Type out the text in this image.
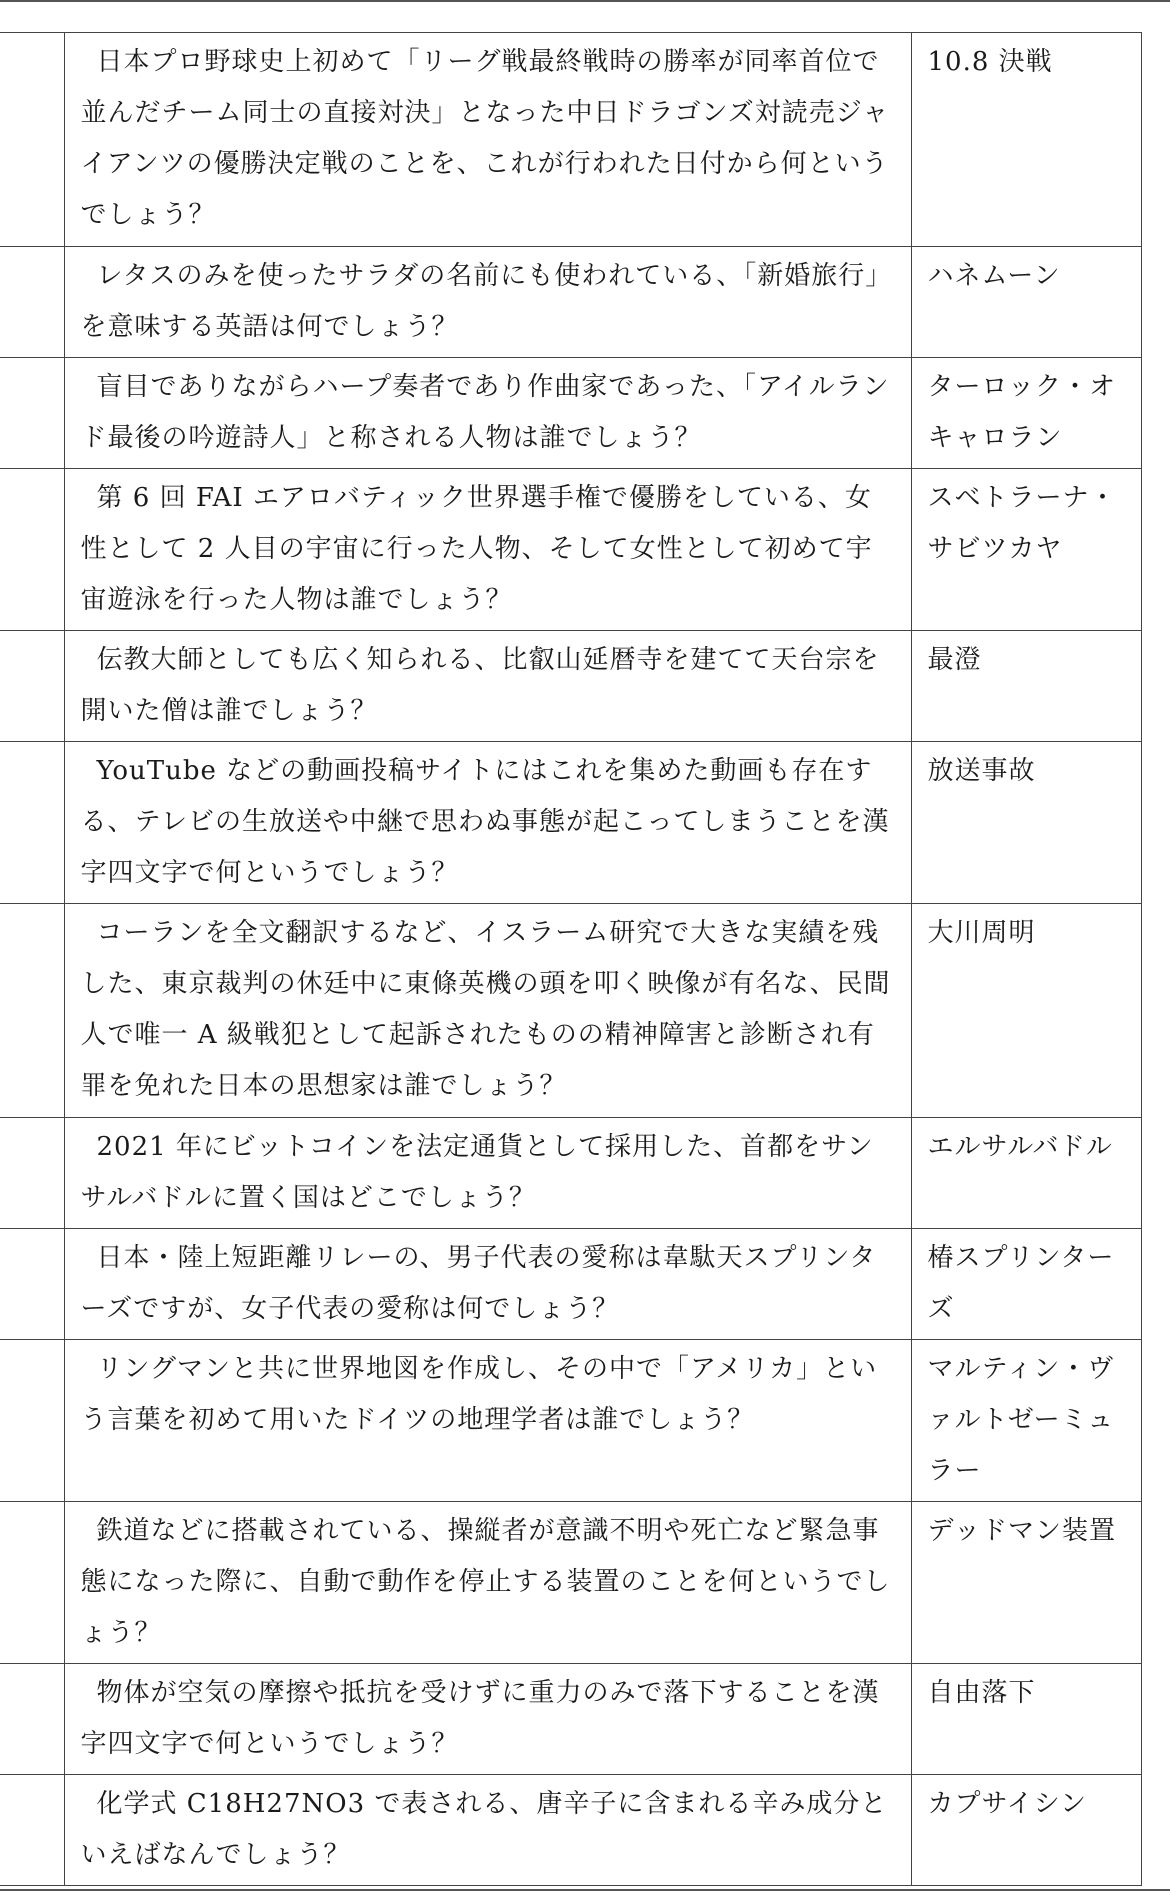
	日本プロ野球史上初めて「リーグ戦最終戦時の勝率が同率首位で並んだチーム同士の直接対決」となった中日ドラゴンズ対読売ジャイアンツの優勝決定戦のことを、これが行われた日付から何というでしょう？	10.8 決戦
	レタスのみを使ったサラダの名前にも使われている、「新婚旅行」を意味する英語は何でしょう？	ハネムーン
	盲目でありながらハープ奏者であり作曲家であった、「アイルランド最後の吟遊詩人」と称される人物は誰でしょう？	ターロック・オキャロラン
	第 6 回 FAI エアロバティック世界選手権で優勝をしている、女性として 2 人目の宇宙に行った人物、そして女性として初めて宇宙遊泳を行った人物は誰でしょう？	スベトラーナ・サビツカヤ
	伝教大師としても広く知られる、比叡山延暦寺を建てて天台宗を開いた僧は誰でしょう？	最澄
	YouTube などの動画投稿サイトにはこれを集めた動画も存在する、テレビの生放送や中継で思わぬ事態が起こってしまうことを漢字四文字で何というでしょう？	放送事故
	コーランを全文翻訳するなど、イスラーム研究で大きな実績を残した、東京裁判の休廷中に東條英機の頭を叩く映像が有名な、民間人で唯一 A 級戦犯として起訴されたものの精神障害と診断され有罪を免れた日本の思想家は誰でしょう？	大川周明
	2021 年にビットコインを法定通貨として採用した、首都をサンサルバドルに置く国はどこでしょう？	エルサルバドル
	日本・陸上短距離リレーの、男子代表の愛称は韋駄天スプリンターズですが、女子代表の愛称は何でしょう？	椿スプリンターズ
	リングマンと共に世界地図を作成し、その中で「アメリカ」という言葉を初めて用いたドイツの地理学者は誰でしょう？	マルティン・ヴァルトゼーミュラー
	鉄道などに搭載されている、操縦者が意識不明や死亡など緊急事態になった際に、自動で動作を停止する装置のことを何というでしょう？	デッドマン装置
	物体が空気の摩擦や抵抗を受けずに重力のみで落下することを漢字四文字で何というでしょう？	自由落下
	化学式 C18H27NO3 で表される、唐辛子に含まれる辛み成分といえばなんでしょう？	カプサイシン
